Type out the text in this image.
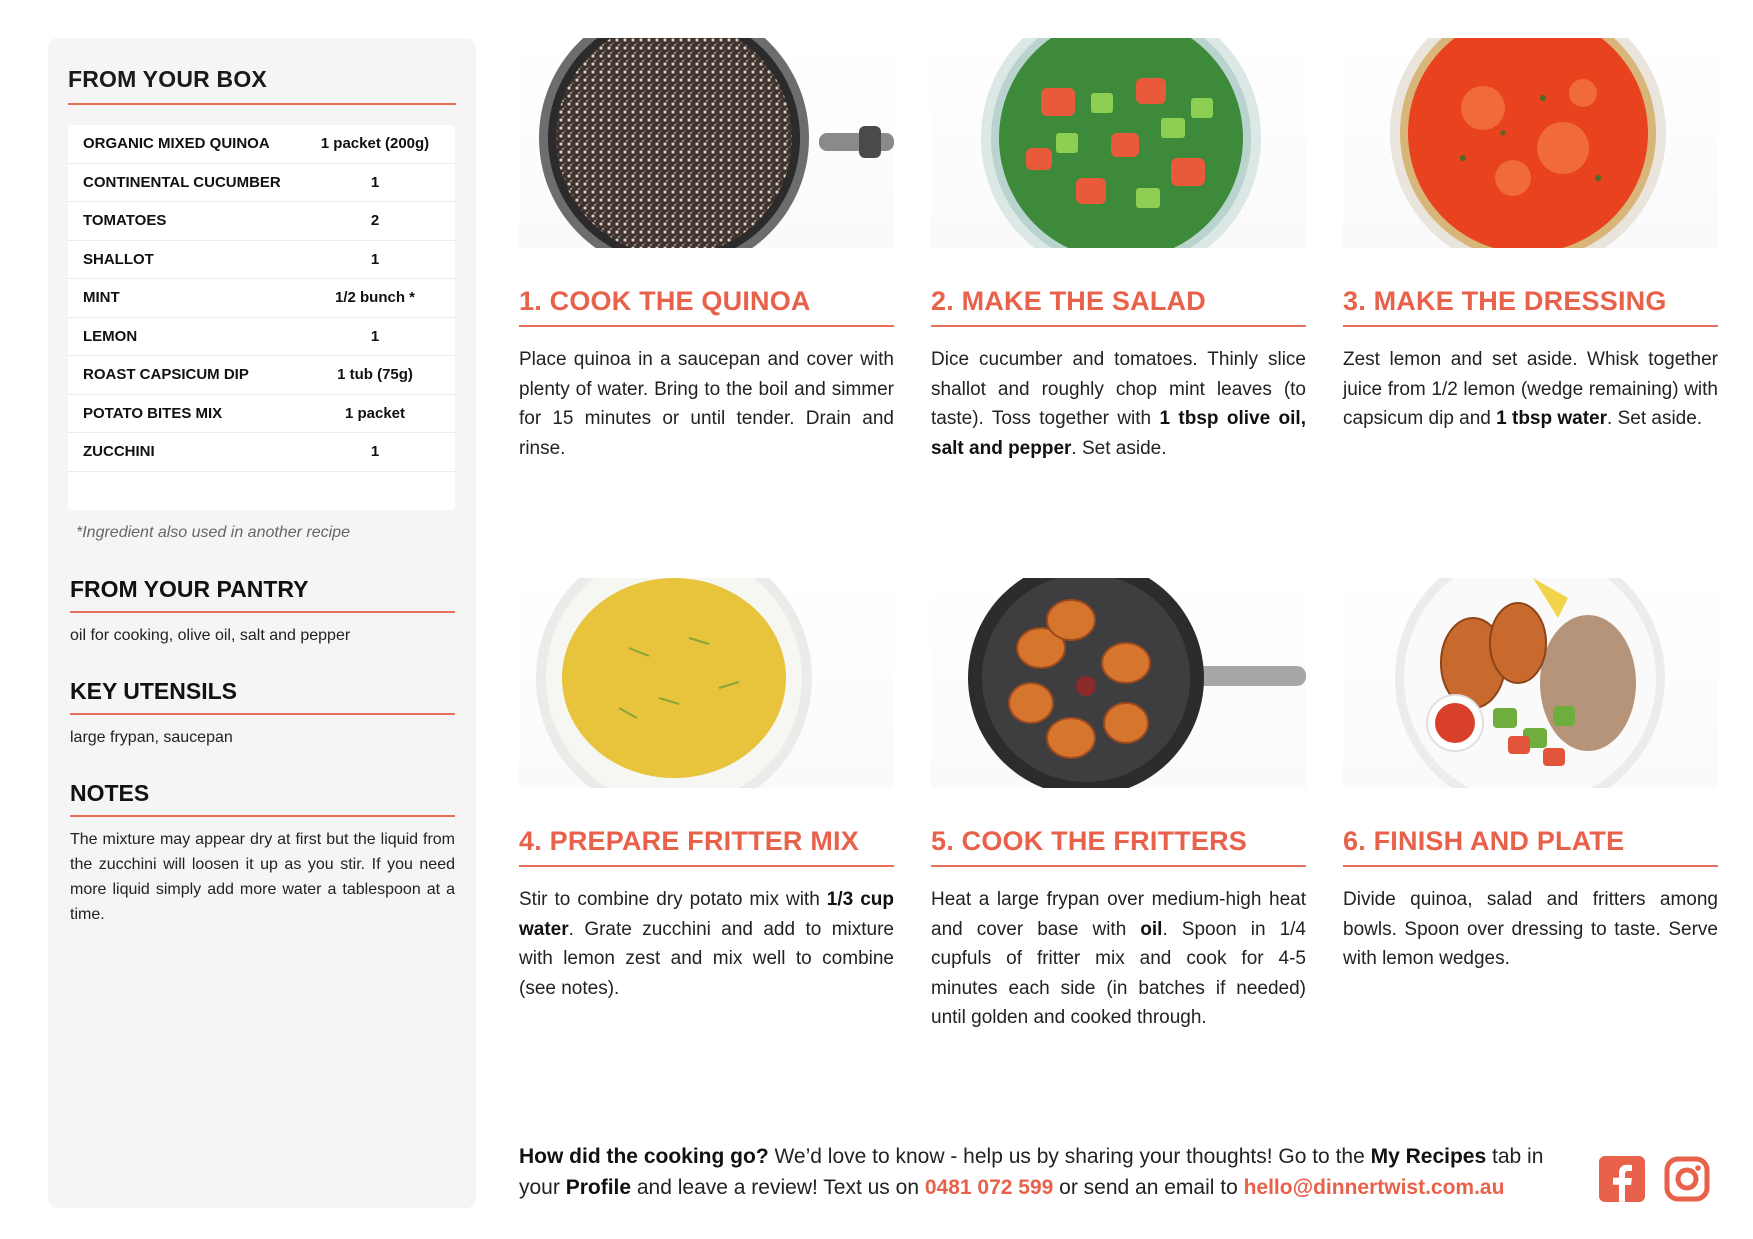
FROM YOUR BOX
ORGANIC MIXED QUINOA	1 packet (200g)
CONTINENTAL CUCUMBER	1
TOMATOES	2
SHALLOT	1
MINT	1/2 bunch *
LEMON	1
ROAST CAPSICUM DIP	1 tub (75g)
POTATO BITES MIX	1 packet
ZUCCHINI	1
*Ingredient also used in another recipe
FROM YOUR PANTRY

oil for cooking, olive oil, salt and pepper

KEY UTENSILS

large frypan, saucepan

NOTES

The mixture may appear dry at first but the liquid from the zucchini will loosen it up as you stir. If you need more liquid simply add more water a tablespoon at a time.

1. COOK THE QUINOA

Place quinoa in a saucepan and cover with plenty of water. Bring to the boil and simmer for 15 minutes or until tender. Drain and rinse.

2. MAKE THE SALAD

Dice cucumber and tomatoes. Thinly slice shallot and roughly chop mint leaves (to taste). Toss together with 1 tbsp olive oil, salt and pepper. Set aside.

3. MAKE THE DRESSING

Zest lemon and set aside. Whisk together juice from 1/2 lemon (wedge remaining) with capsicum dip and 1 tbsp water. Set aside.

4. PREPARE FRITTER MIX

Stir to combine dry potato mix with 1/3 cup water. Grate zucchini and add to mixture with lemon zest and mix well to combine (see notes).

5. COOK THE FRITTERS

Heat a large frypan over medium-high heat and cover base with oil. Spoon in 1/4 cupfuls of fritter mix and cook for 4-5 minutes each side (in batches if needed) until golden and cooked through.

6. FINISH AND PLATE

Divide quinoa, salad and fritters among bowls. Spoon over dressing to taste. Serve with lemon wedges.

How did the cooking go? We’d love to know - help us by sharing your thoughts! Go to the My Recipes tab in your Profile and leave a review! Text us on 0481 072 599 or send an email to hello@dinnertwist.com.au
